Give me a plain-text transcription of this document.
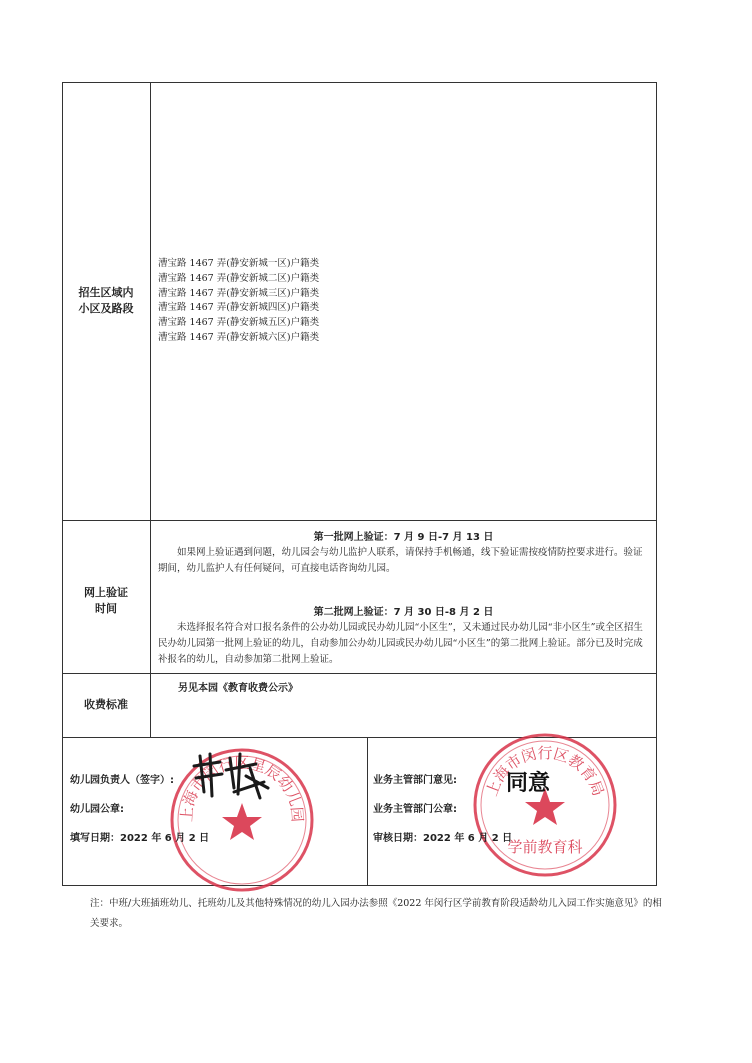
招生区域内
小区及路段
漕宝路 1467 弄(静安新城一区)户籍类
漕宝路 1467 弄(静安新城二区)户籍类
漕宝路 1467 弄(静安新城三区)户籍类
漕宝路 1467 弄(静安新城四区)户籍类
漕宝路 1467 弄(静安新城五区)户籍类
漕宝路 1467 弄(静安新城六区)户籍类
网上验证
时间
第一批网上验证：7 月 9 日-7 月 13 日
如果网上验证遇到问题，幼儿园会与幼儿监护人联系，请保持手机畅通，线下验证需按疫情防控要求进行。验证期间，幼儿监护人有任何疑问，可直接电话咨询幼儿园。
第二批网上验证：7 月 30 日-8 月 2 日
未选择报名符合对口报名条件的公办幼儿园或民办幼儿园“小区生”，又未通过民办幼儿园“非小区生”或全区招生民办幼儿园第一批网上验证的幼儿，自动参加公办幼儿园或民办幼儿园“小区生”的第二批网上验证。部分已及时完成补报名的幼儿，自动参加第二批网上验证。
收费标准
另见本园《教育收费公示》
上海市闵行区星辰幼儿园
上海市闵行区教育局
学前教育科
同意
幼儿园负责人（签字）:
幼儿园公章:
填写日期：2022 年 6 月 2 日
业务主管部门意见:
业务主管部门公章:
审核日期：2022 年 6 月 2 日
注：中班/大班插班幼儿、托班幼儿及其他特殊情况的幼儿入园办法参照《2022 年闵行区学前教育阶段适龄幼儿入园工作实施意见》的相关要求。
